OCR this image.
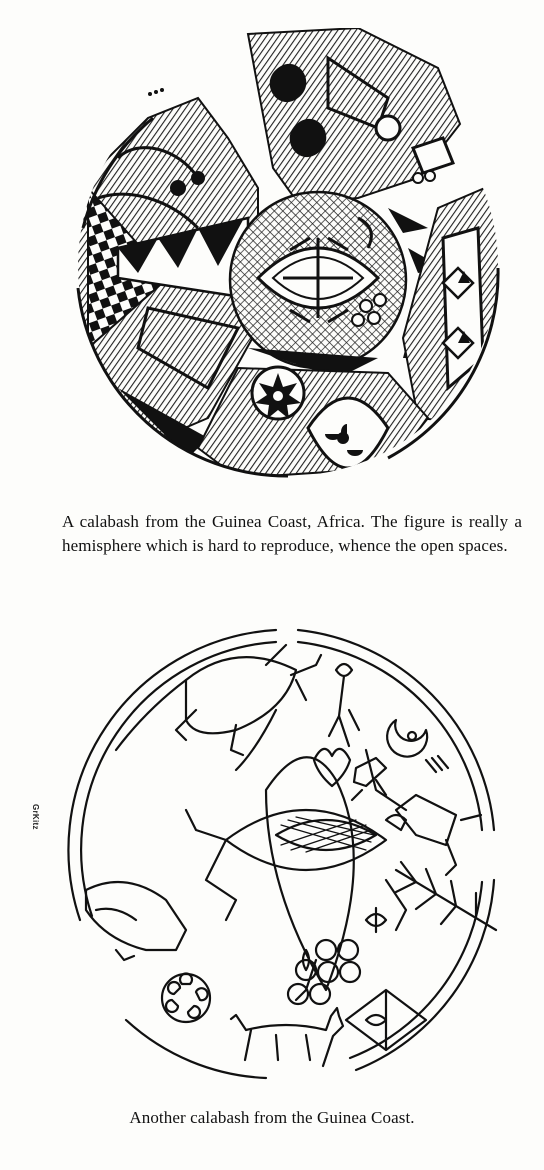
A calabash from the Guinea Coast, Africa. The figure is really a hemisphere which is hard to reproduce, whence the open spaces.

GrKitz

Another calabash from the Guinea Coast.
